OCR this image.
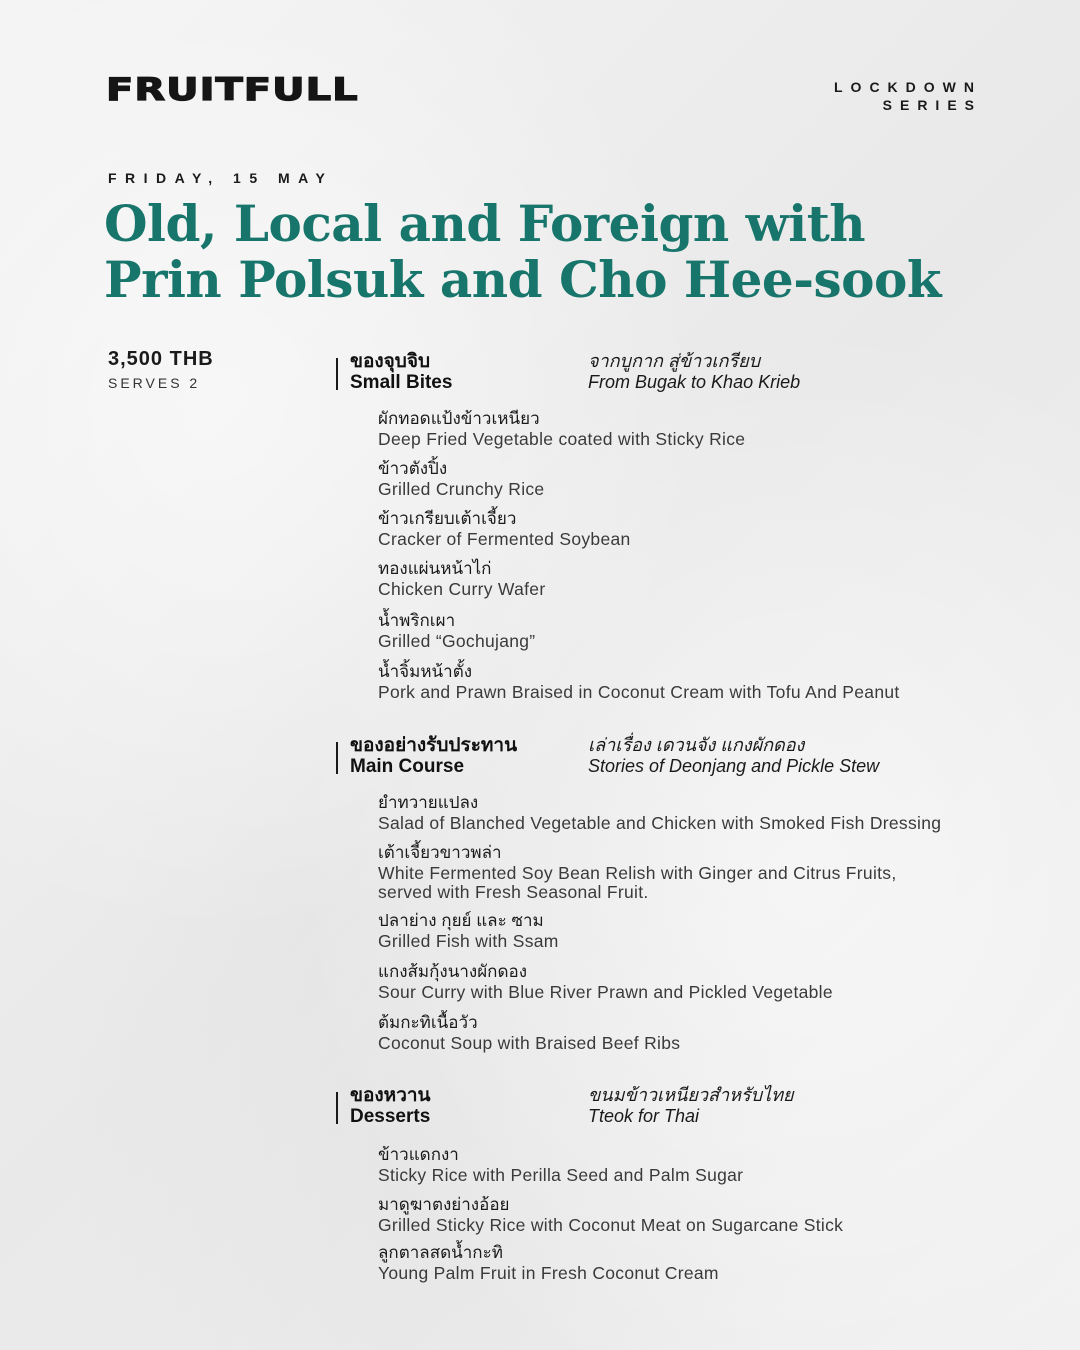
FRUITFULL	LOCKDOWN
SERIES
FRIDAY, 15 MAY
Old, Local and Foreign with
Prin Polsuk and Cho Hee-sook
3,500 THB
SERVES 2
ของจุบจิบ
Small Bites
จากบูกาก สู่ข้าวเกรียบ
From Bugak to Khao Krieb
ผักทอดแป้งข้าวเหนียว
Deep Fried Vegetable coated with Sticky Rice
ข้าวตังปิ้ง
Grilled Crunchy Rice
ข้าวเกรียบเต้าเจี้ยว
Cracker of Fermented Soybean
ทองแผ่นหน้าไก่
Chicken Curry Wafer
น้ำพริกเผา
Grilled “Gochujang”
น้ำจิ้มหน้าตั้ง
Pork and Prawn Braised in Coconut Cream with Tofu And Peanut
ของอย่างรับประทาน
Main Course
เล่าเรื่อง เดวนจัง แกงผักดอง
Stories of Deonjang and Pickle Stew
ยำทวายแปลง
Salad of Blanched Vegetable and Chicken with Smoked Fish Dressing
เต้าเจี้ยวขาวพล่า
White Fermented Soy Bean Relish with Ginger and Citrus Fruits,
served with Fresh Seasonal Fruit.
ปลาย่าง กุยย์ และ ซาม
Grilled Fish with Ssam
แกงส้มกุ้งนางผักดอง
Sour Curry with Blue River Prawn and Pickled Vegetable
ต้มกะทิเนื้อวัว
Coconut Soup with Braised Beef Ribs
ของหวาน
Desserts
ขนมข้าวเหนียวสำหรับไทย
Tteok for Thai
ข้าวแดกงา
Sticky Rice with Perilla Seed and Palm Sugar
มาดูฆาตงย่างอ้อย
Grilled Sticky Rice with Coconut Meat on Sugarcane Stick
ลูกตาลสดน้ำกะทิ
Young Palm Fruit in Fresh Coconut Cream
